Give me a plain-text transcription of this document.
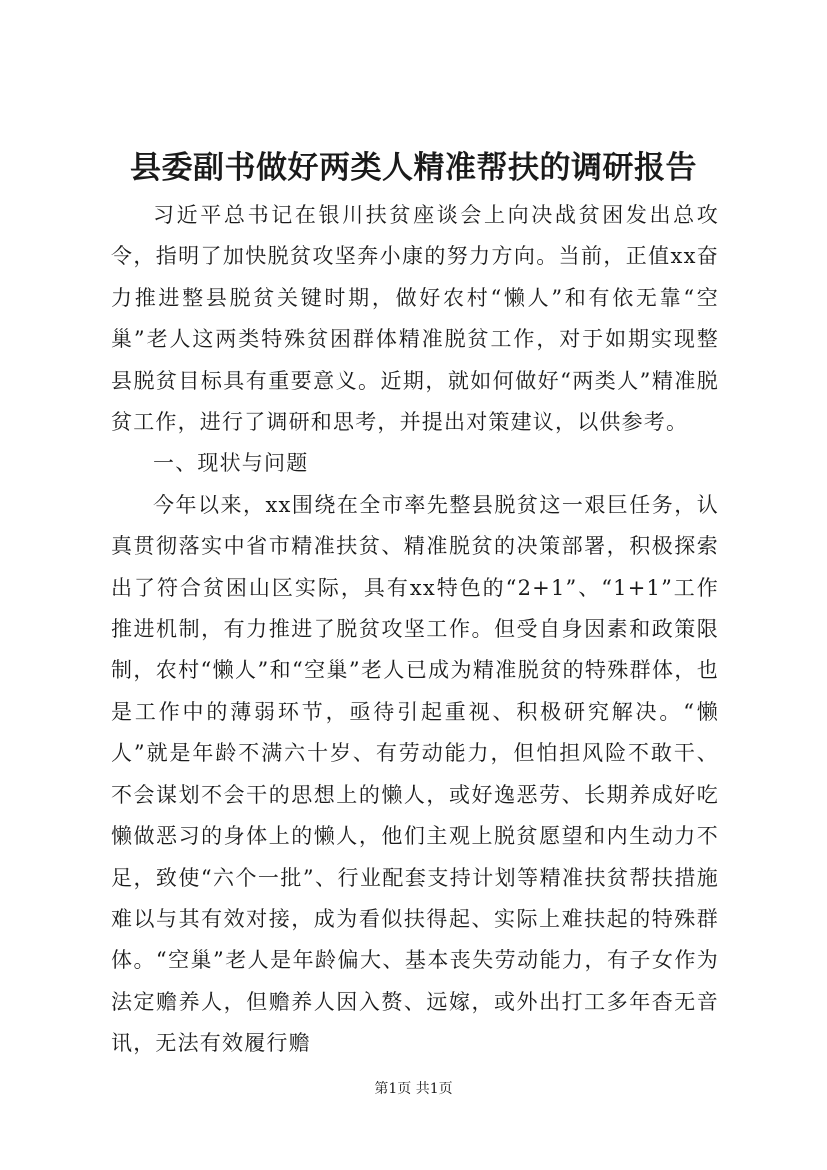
县委副书做好两类人精准帮扶的调研报告

习近平总书记在银川扶贫座谈会上向决战贫困发出总攻令，指明了加快脱贫攻坚奔小康的努力方向。当前，正值xx奋力推进整县脱贫关键时期，做好农村“懒人”和有依无靠“空巢”老人这两类特殊贫困群体精准脱贫工作，对于如期实现整县脱贫目标具有重要意义。近期，就如何做好“两类人”精准脱贫工作，进行了调研和思考，并提出对策建议，以供参考。

一、现状与问题

今年以来，xx围绕在全市率先整县脱贫这一艰巨任务，认真贯彻落实中省市精准扶贫、精准脱贫的决策部署，积极探索出了符合贫困山区实际，具有xx特色的“2+1”、“1+1”工作推进机制，有力推进了脱贫攻坚工作。但受自身因素和政策限制，农村“懒人”和“空巢”老人已成为精准脱贫的特殊群体，也是工作中的薄弱环节，亟待引起重视、积极研究解决。“懒人”就是年龄不满六十岁、有劳动能力，但怕担风险不敢干、不会谋划不会干的思想上的懒人，或好逸恶劳、长期养成好吃懒做恶习的身体上的懒人，他们主观上脱贫愿望和内生动力不足，致使“六个一批”、行业配套支持计划等精准扶贫帮扶措施难以与其有效对接，成为看似扶得起、实际上难扶起的特殊群体。“空巢”老人是年龄偏大、基本丧失劳动能力，有子女作为法定赡养人，但赡养人因入赘、远嫁，或外出打工多年杳无音讯，无法有效履行赡

第1页 共1页
